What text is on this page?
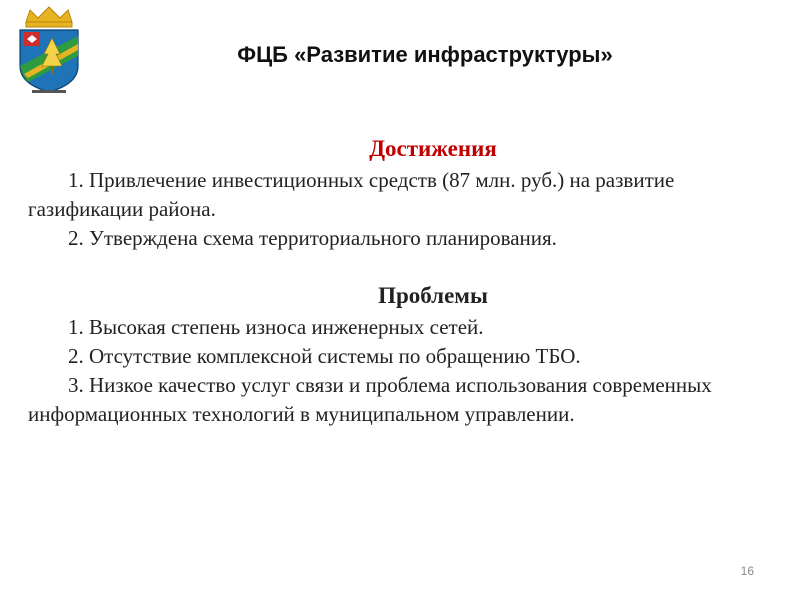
ФЦБ «Развитие инфраструктуры»
Достижения

1. Привлечение инвестиционных средств (87 млн. руб.) на развитие газификации района.

2. Утверждена схема территориального планирования.

Проблемы

1. Высокая степень износа инженерных сетей.

2. Отсутствие комплексной системы по обращению ТБО.

3. Низкое качество услуг связи и проблема использования современных информационных технологий в муниципальном управлении.

16
